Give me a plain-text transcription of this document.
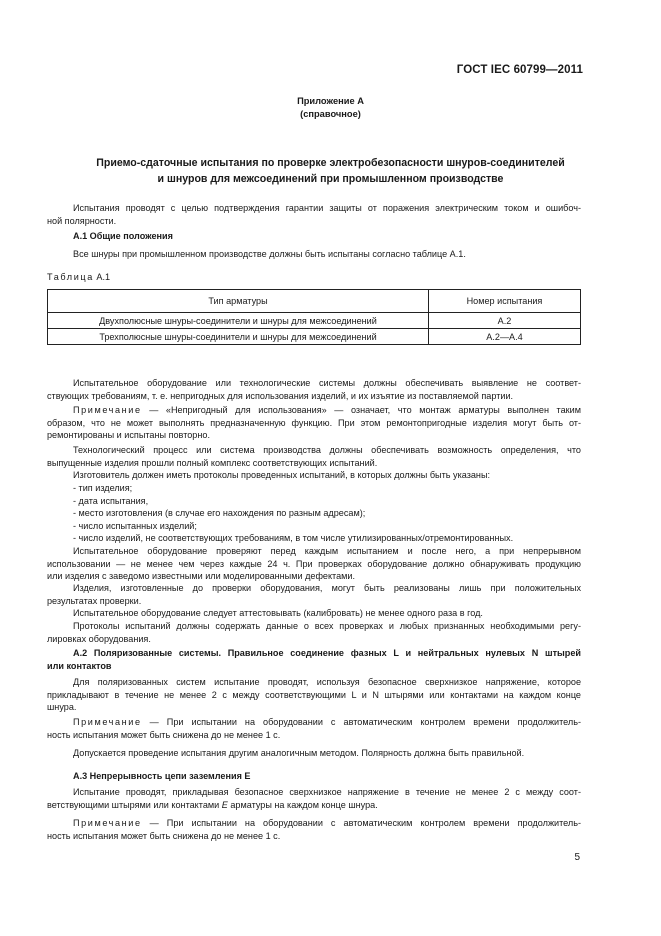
ГОСТ IEC 60799—2011
Приложение А
(справочное)
Приемо-сдаточные испытания по проверке электробезопасности шнуров-соединителей
и шнуров для межсоединений при промышленном производстве
Испытания проводят с целью подтверждения гарантии защиты от поражения электрическим током и ошибоч-
ной полярности.
А.1 Общие положения
Все шнуры при промышленном производстве должны быть испытаны согласно таблице А.1.
Таблица А.1
Тип арматуры	Номер испытания
Двухполюсные шнуры-соединители и шнуры для межсоединений	А.2
Трехполюсные шнуры-соединители и шнуры для межсоединений	А.2—А.4
Испытательное оборудование или технологические системы должны обеспечивать выявление не соответ-
ствующих требованиям, т. е. непригодных для использования изделий, и их изъятие из поставляемой партии.
Примечание — «Непригодный для использования» — означает, что монтаж арматуры выполнен таким
образом, что не может выполнять предназначенную функцию. При этом ремонтопригодные изделия могут быть от-
ремонтированы и испытаны повторно.
Технологический процесс или система производства должны обеспечивать возможность определения, что
выпущенные изделия прошли полный комплекс соответствующих испытаний.
Изготовитель должен иметь протоколы проведенных испытаний, в которых должны быть указаны:
- тип изделия;
- дата испытания,
- место изготовления (в случае его нахождения по разным адресам);
- число испытанных изделий;
- число изделий, не соответствующих требованиям, в том числе утилизированных/отремонтированных.
Испытательное оборудование проверяют перед каждым испытанием и после него, а при непрерывном
использовании — не менее чем через каждые 24 ч. При проверках оборудование должно обнаруживать продукцию
или изделия с заведомо известными или моделированными дефектами.
Изделия, изготовленные до проверки оборудования, могут быть реализованы лишь при положительных
результатах проверки.
Испытательное оборудование следует аттестовывать (калибровать) не менее одного раза в год.
Протоколы испытаний должны содержать данные о всех проверках и любых признанных необходимыми регу-
лировках оборудования.
А.2 Поляризованные системы. Правильное соединение фазных L и нейтральных нулевых N штырей
или контактов
Для поляризованных систем испытание проводят, используя безопасное сверхнизкое напряжение, которое
прикладывают в течение не менее 2 с между соответствующими L и N штырями или контактами на каждом конце
шнура.
Примечание — При испытании на оборудовании с автоматическим контролем времени продолжитель-
ность испытания может быть снижена до не менее 1 с.
Допускается проведение испытания другим аналогичным методом. Полярность должна быть правильной.
А.3 Непрерывность цепи заземления Е
Испытание проводят, прикладывая безопасное сверхнизкое напряжение в течение не менее 2 с между соот-
ветствующими штырями или контактами E арматуры на каждом конце шнура.
Примечание — При испытании на оборудовании с автоматическим контролем времени продолжитель-
ность испытания может быть снижена до не менее 1 с.
5
